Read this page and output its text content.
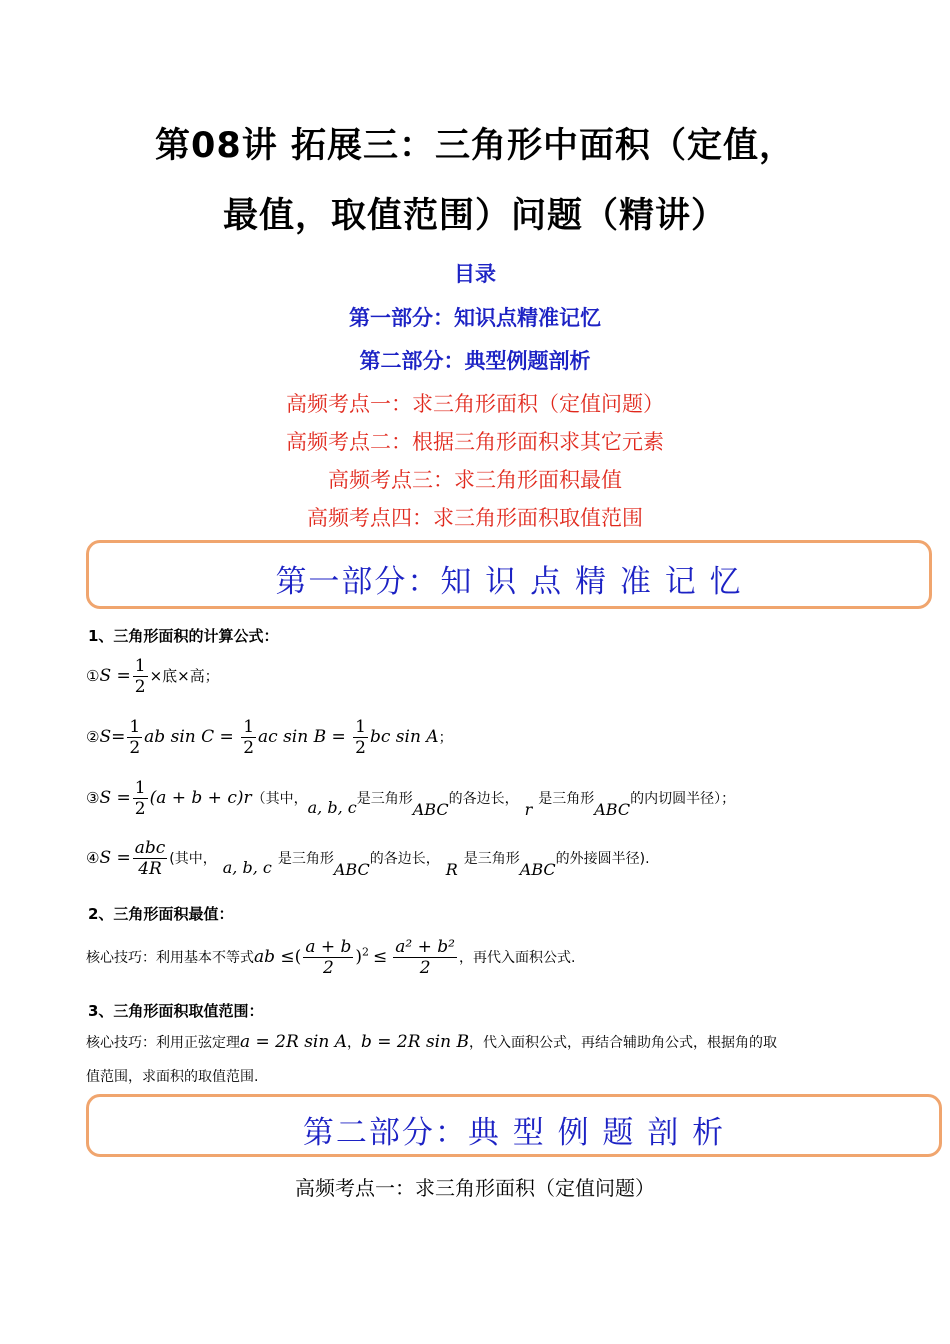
第08讲 拓展三：三角形中面积（定值，
最值，取值范围）问题（精讲）
目录
第一部分：知识点精准记忆
第二部分：典型例题剖析
高频考点一：求三角形面积（定值问题）
高频考点二：根据三角形面积求其它元素
高频考点三：求三角形面积最值
高频考点四：求三角形面积取值范围
第一部分：知 识 点 精 准 记 忆
1、三角形面积的计算公式：
①S = $\frac{1}{2}$ ×底×高；
②S= $\frac{1}{2}$ ab $\sin C = \frac{1}{2}$ ac $\sin B = \frac{1}{2}$ bc sin A；
③S = $\frac{1}{2} (a + b + c)r$（其中，a, b, c是三角形ABC的各边长，r是三角形ABC的内切圆半径）；
④S = $\frac{\text{abc}}{4R}$ (其中， a, b, c 是三角形ABC的各边长，R是三角形ABC的外接圆半径).
2、三角形面积最值：
核心技巧：利用基本不等式ab ≤( $\frac{a + b}{2} )^2 \le \frac{\text{a² + b²}}{2}$ ，再代入面积公式.
3、三角形面积取值范围：
核心技巧：利用正弦定理a = 2R sin A，b = 2R sin B，代入面积公式，再结合辅助角公式，根据角的取
值范围，求面积的取值范围.
第二部分：典 型 例 题 剖 析
高频考点一：求三角形面积（定值问题）
